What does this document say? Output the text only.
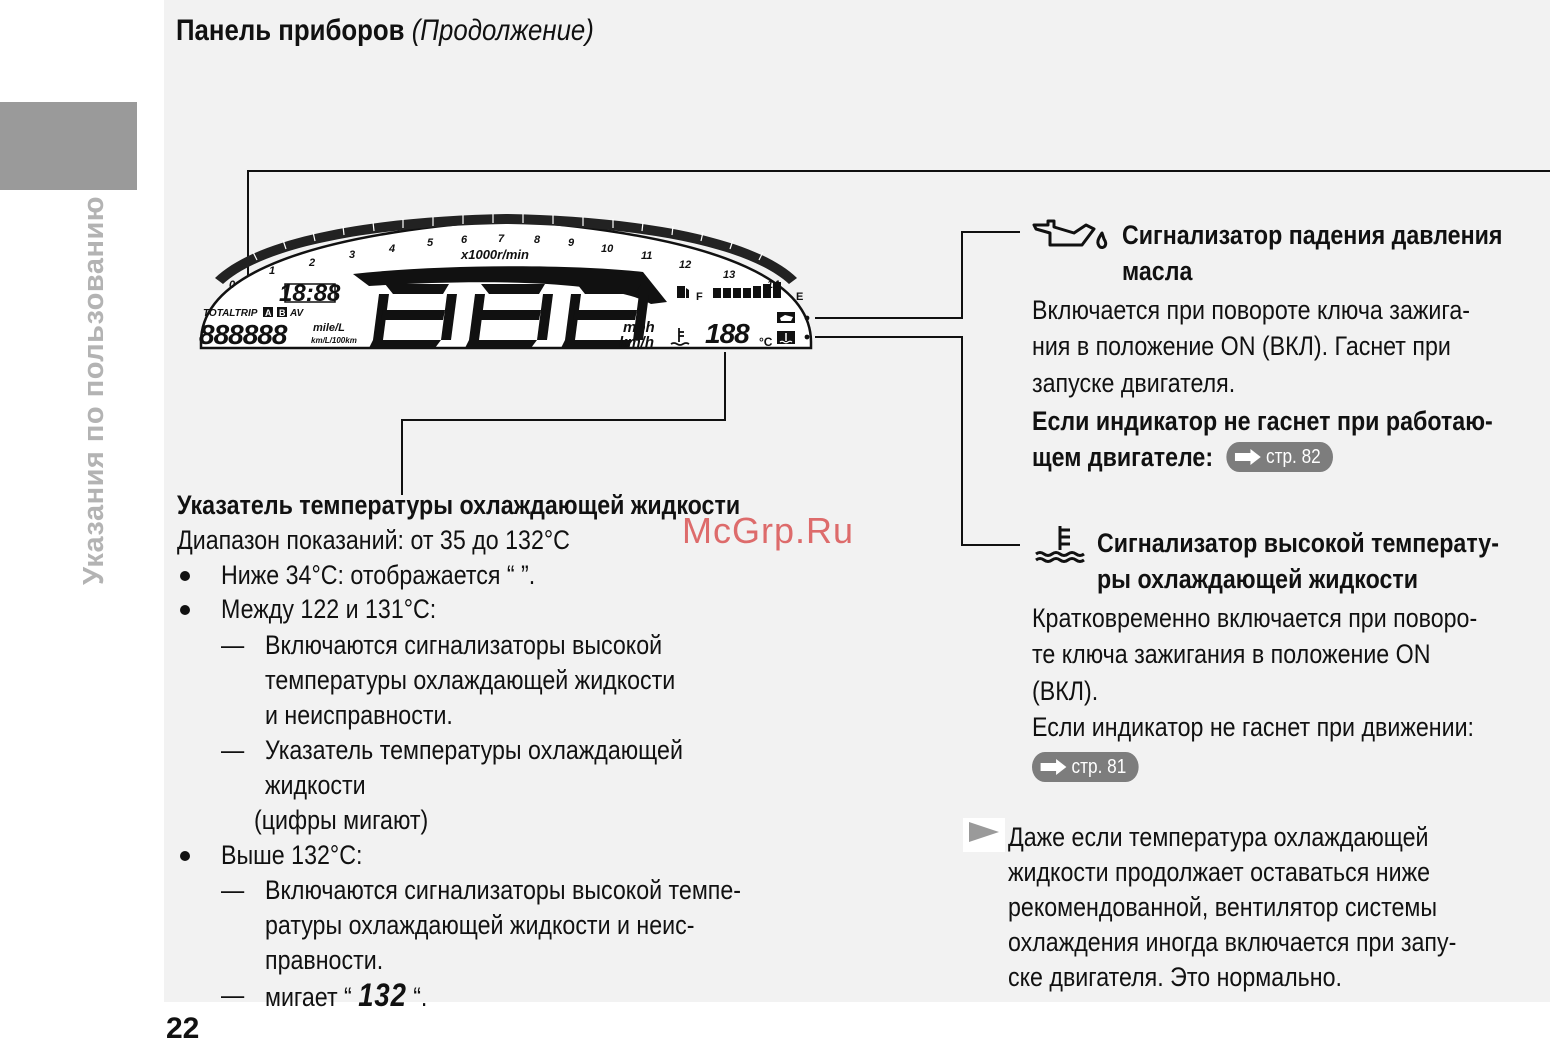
Указания по пользованию
Панель приборов (Продолжение)
0
1
2
3	4	5	6	7	8	9 10
11
12
13
x1000r/min
18:88
TOTALTRIP A B AV
888888 mile/L
km/L/100km
mph
km/h
F	E
188 °C
Сигнализатор падения давления
масла
Включается при повороте ключа зажига-
ния в положение ON (ВКЛ). Гаснет при
запуске двигателя.
Если индикатор не гаснет при работаю-
щем двигателе:	стр. 82
Сигнализатор высокой температу-
ры охлаждающей жидкости
Кратковременно включается при поворо-
те ключа зажигания в положение ON
(ВКЛ).
Если индикатор не гаснет при движении:
стр. 81
Указатель температуры охлаждающей жидкости
Диапазон показаний: от 35 до 132°C
Ниже 34°C: отображается “ ”.
Между 122 и 131°C:
— Включаются сигнализаторы высокой
температуры охлаждающей жидкости
и неисправности.
— Указатель температуры охлаждающей
жидкости
(цифры мигают)
Выше 132°C:
— Включаются сигнализаторы высокой темпе-
ратуры охлаждающей жидкости и неис-
правности.
— мигает “ 132 “.
Даже если температура охлаждающей
жидкости продолжает оставаться ниже
рекомендованной, вентилятор системы
охлаждения иногда включается при запу-
ске двигателя. Это нормально.
McGrp.Ru
22
